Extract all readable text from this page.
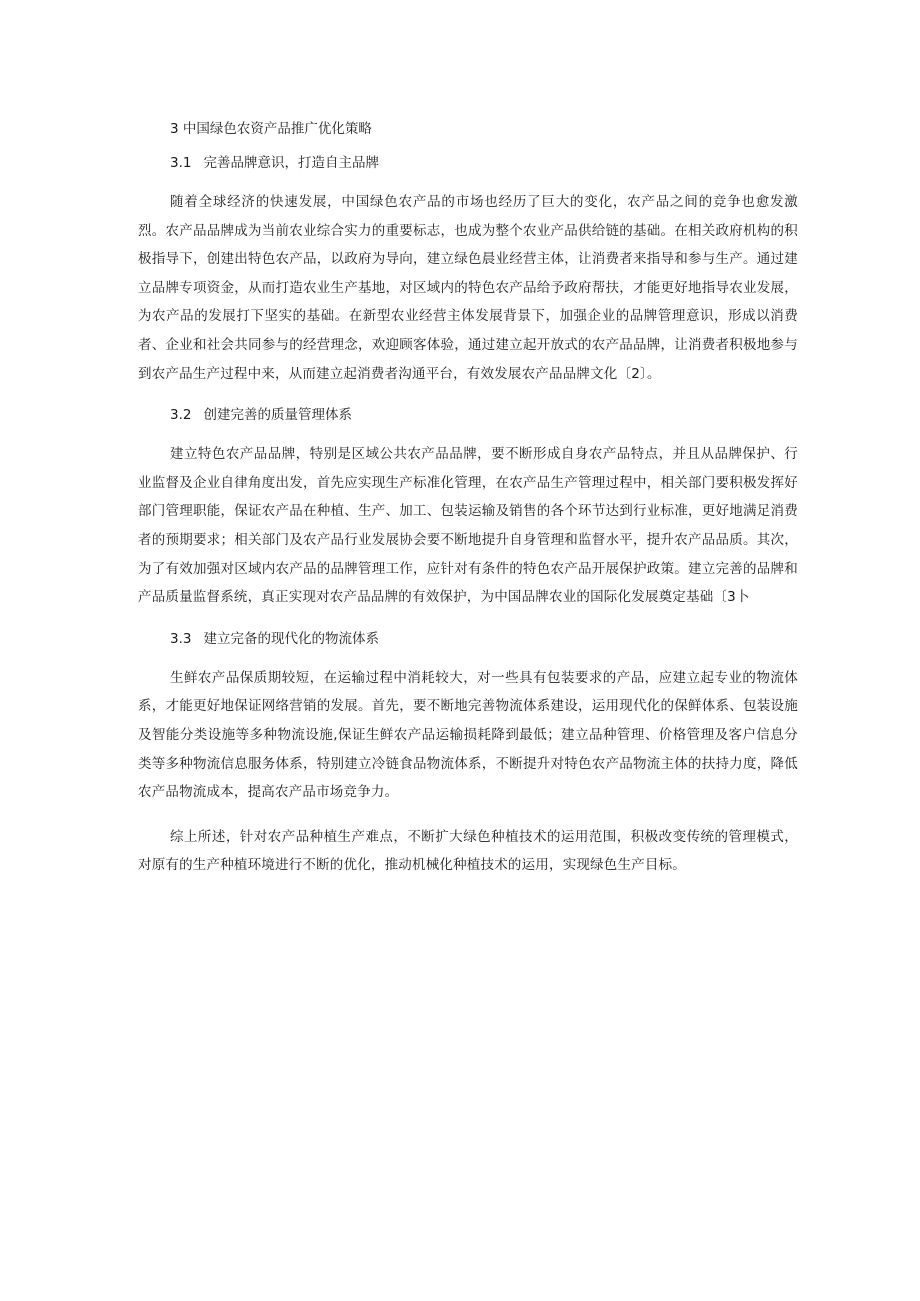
3 中国绿色农资产品推广优化策略
3.1 完善品牌意识，打造自主品牌

随着全球经济的快速发展，中国绿色农产品的市场也经历了巨大的变化，农产品之间的竞争也愈发激烈。农产品品牌成为当前农业综合实力的重要标志，也成为整个农业产品供给链的基础。在相关政府机构的积极指导下，创建出特色农产品，以政府为导向，建立绿色晨业经营主体，让消费者来指导和参与生产。通过建立品牌专项资金，从而打造农业生产基地，对区域内的特色农产品给予政府帮扶，才能更好地指导农业发展，为农产品的发展打下坚实的基础。在新型农业经营主体发展背景下，加强企业的品牌管理意识，形成以消费者、企业和社会共同参与的经营理念，欢迎顾客体验，通过建立起开放式的农产品品牌，让消费者积极地参与到农产品生产过程中来，从而建立起消费者沟通平台，有效发展农产品品牌文化〔2〕。

3.2 创建完善的质量管理体系

建立特色农产品品牌，特别是区域公共农产品品牌，要不断形成自身农产品特点，并且从品牌保护、行业监督及企业自律角度出发，首先应实现生产标准化管理，在农产品生产管理过程中，相关部门要积极发挥好部门管理职能，保证农产品在种植、生产、加工、包装运输及销售的各个环节达到行业标准，更好地满足消费者的预期要求；相关部门及农产品行业发展协会要不断地提升自身管理和监督水平，提升农产品品质。其次，为了有效加强对区域内农产品的品牌管理工作，应针对有条件的特色农产品开展保护政策。建立完善的品牌和产品质量监督系统，真正实现对农产品品牌的有效保护，为中国品牌农业的国际化发展奠定基础〔3卜

3.3 建立完备的现代化的物流体系

生鲜农产品保质期较短，在运输过程中消耗较大，对一些具有包装要求的产品，应建立起专业的物流体系，才能更好地保证网络营销的发展。首先，要不断地完善物流体系建设，运用现代化的保鲜体系、包装设施及智能分类设施等多种物流设施,保证生鲜农产品运输损耗降到最低；建立品种管理、价格管理及客户信息分类等多种物流信息服务体系，特别建立冷链食品物流体系，不断提升对特色农产品物流主体的扶持力度，降低农产品物流成本，提高农产品市场竞争力。

综上所述，针对农产品种植生产难点，不断扩大绿色种植技术的运用范围，积极改变传统的管理模式，对原有的生产种植环境进行不断的优化，推动机械化种植技术的运用，实现绿色生产目标。
